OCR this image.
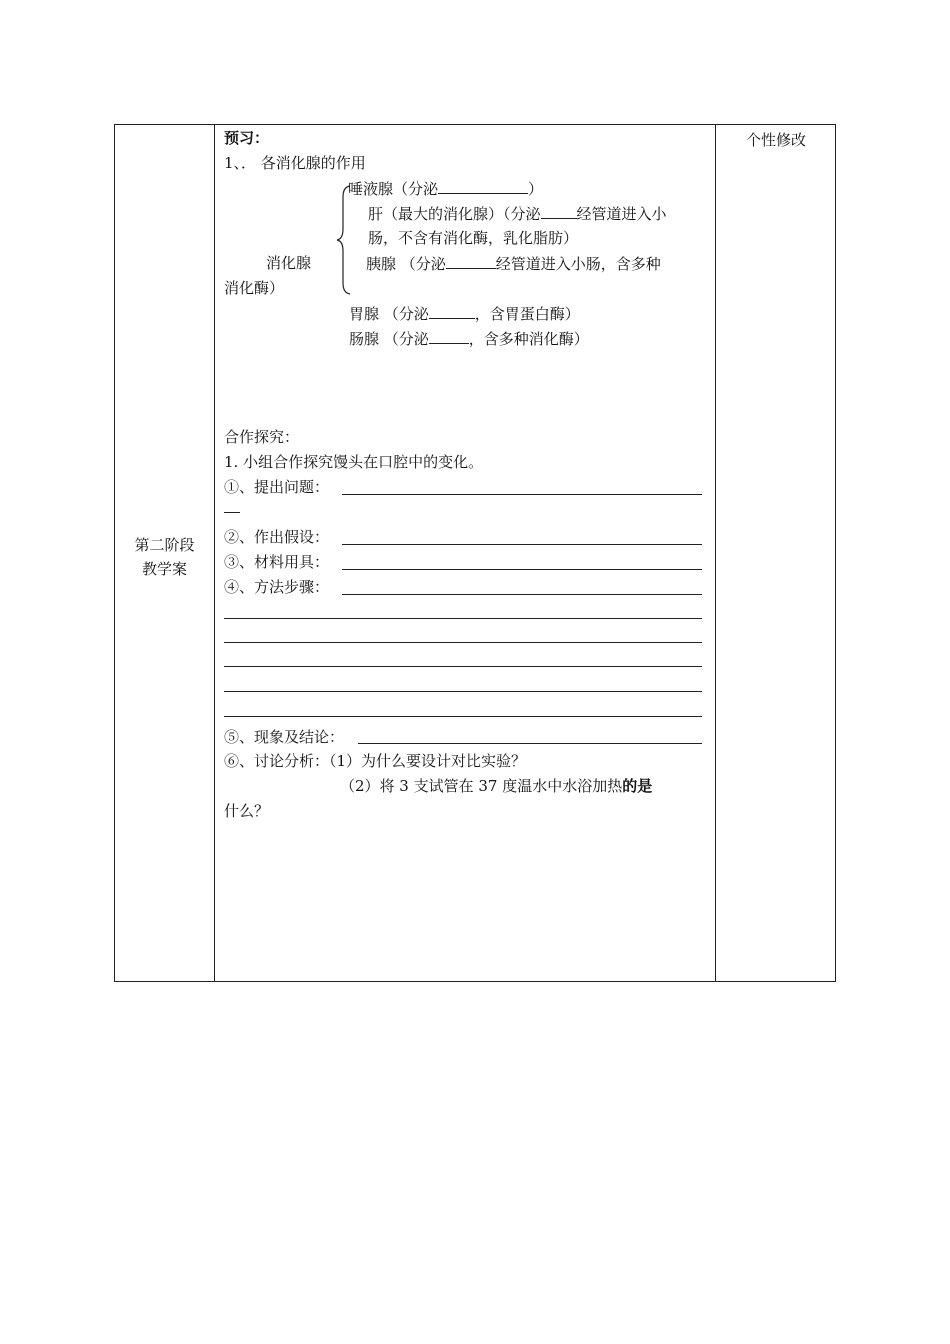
第二阶段
教学案
个性修改
预习：
1、． 各消化腺的作用
唾液腺（分泌	）
肝（最大的消化腺）（分泌 经管道进入小
肠，不含有消化酶，乳化脂肪）
消化腺	胰腺 （分泌	经管道进入小肠，含多种
消化酶）
胃腺 （分泌	，含胃蛋白酶）
肠腺 （分泌	，含多种消化酶）
合作探究：
1. 小组合作探究馒头在口腔中的变化。
①、提出问题：
②、作出假设：
③、材料用具：
④、方法步骤：
⑤、现象及结论：
⑥、讨论分析：（1）为什么要设计对比实验？
（2）将 3 支试管在 37 度温水中水浴加热的是
什么？
